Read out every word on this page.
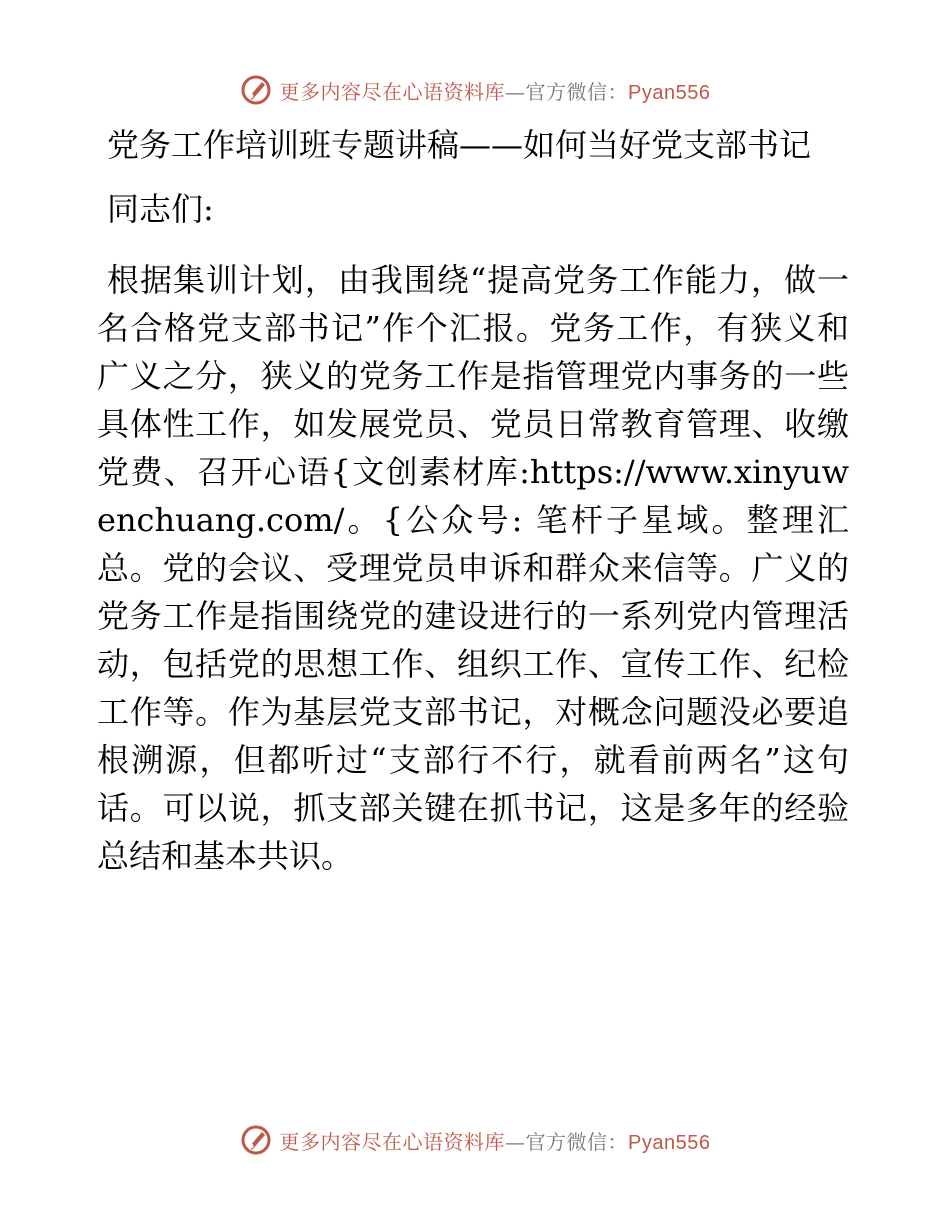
更多内容尽在心语资料库—官方微信：Pyan556

党务工作培训班专题讲稿——如何当好党支部书记

同志们:

根据集训计划，由我围绕“提高党务工作能力，做一名合格党支部书记”作个汇报。党务工作，有狭义和广义之分，狭义的党务工作是指管理党内事务的一些具体性工作，如发展党员、党员日常教育管理、收缴党费、召开心语{文创素材库:https://www.xinyuwenchuang.com/。{公众号: 笔杆子星域。整理汇总。党的会议、受理党员申诉和群众来信等。广义的党务工作是指围绕党的建设进行的一系列党内管理活动，包括党的思想工作、组织工作、宣传工作、纪检工作等。作为基层党支部书记，对概念问题没必要追根溯源，但都听过“支部行不行，就看前两名”这句话。可以说，抓支部关键在抓书记，这是多年的经验总结和基本共识。

更多内容尽在心语资料库—官方微信：Pyan556
